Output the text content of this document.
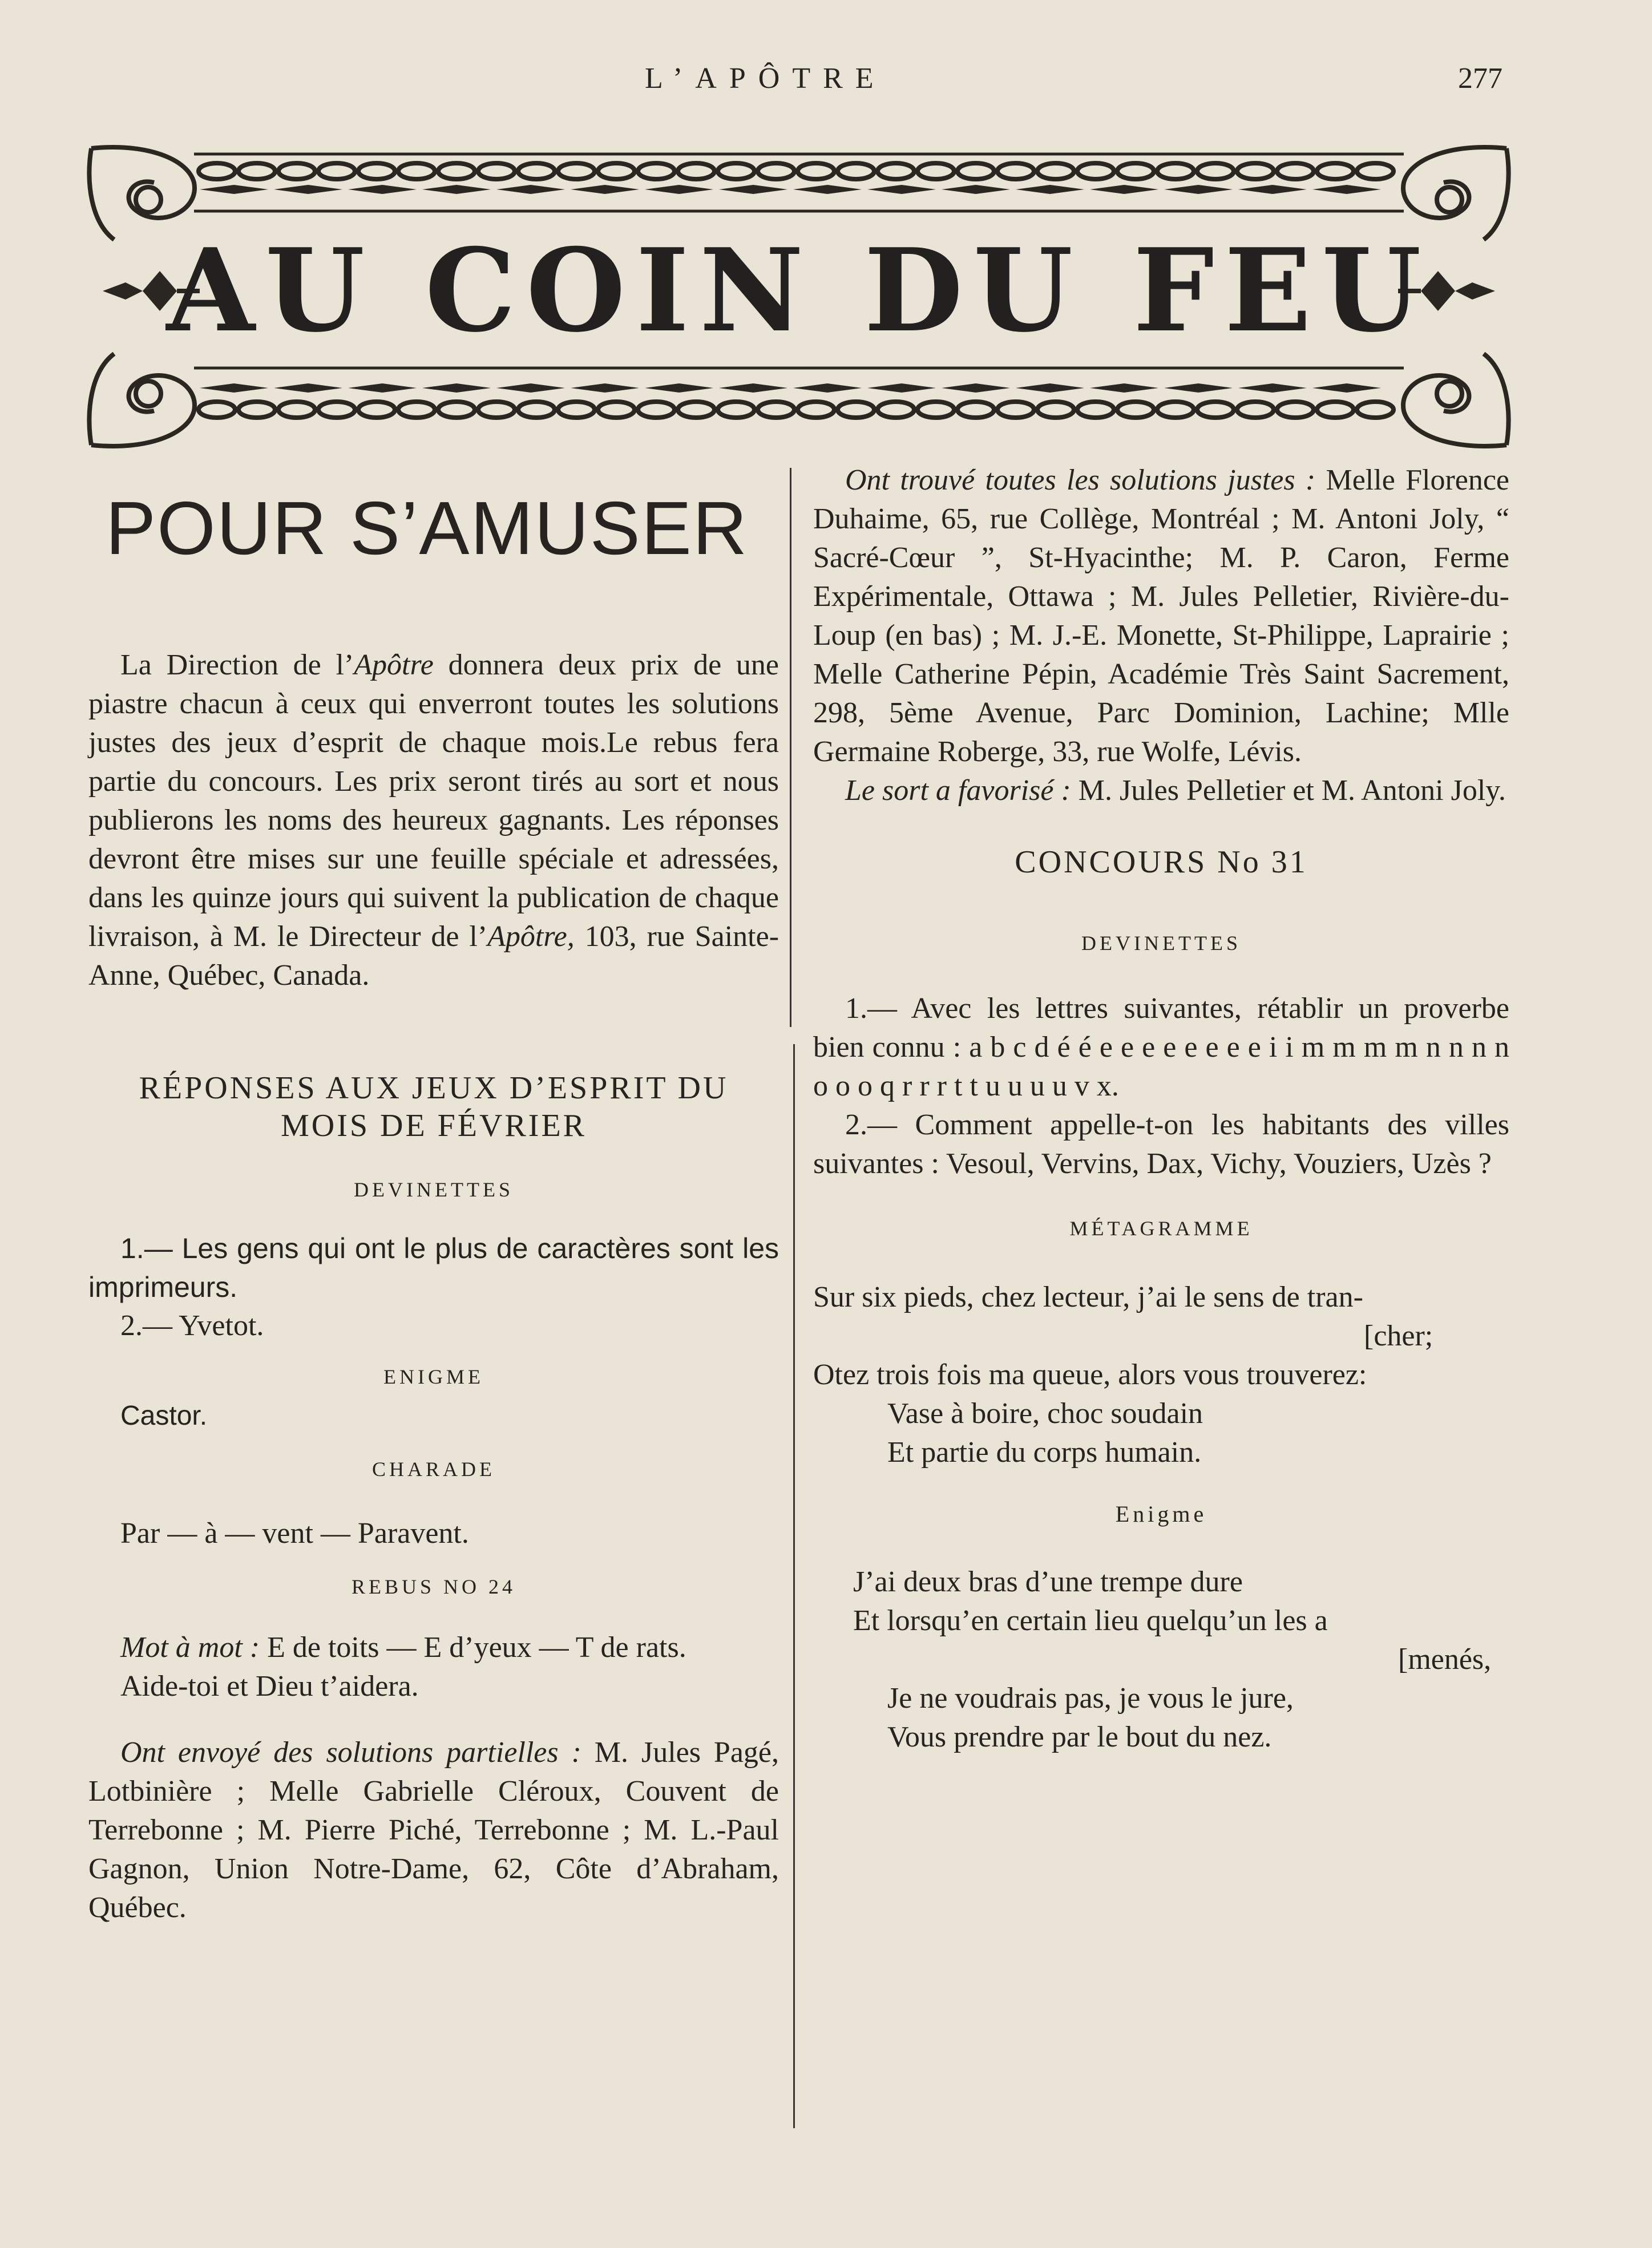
L’APÔTRE	277
AU COIN DU FEU
POUR S’AMUSER

La Direction de l’Apôtre donnera deux prix de une piastre chacun à ceux qui enverront toutes les solutions justes des jeux d’esprit de chaque mois.Le rebus fera partie du concours. Les prix seront tirés au sort et nous publierons les noms des heureux gagnants. Les réponses devront être mises sur une feuille spéciale et adressées, dans les quinze jours qui suivent la publication de chaque livraison, à M. le Directeur de l’Apôtre, 103, rue Sainte-Anne, Québec, Canada.

RÉPONSES AUX JEUX D’ESPRIT DU
MOIS DE FÉVRIER
DEVINETTES

1.— Les gens qui ont le plus de caractères sont les imprimeurs.

2.— Yvetot.

ENIGME

Castor.

CHARADE

Par — à — vent — Paravent.

REBUS NO 24

Mot à mot : E de toits — E d’yeux — T de rats.

Aide-toi et Dieu t’aidera.

Ont envoyé des solutions partielles : M. Jules Pagé, Lotbinière ; Melle Gabrielle Cléroux, Couvent de Terrebonne ; M. Pierre Piché, Terrebonne ; M. L.-Paul Gagnon, Union Notre-Dame, 62, Côte d’Abraham, Québec.

Ont trouvé toutes les solutions justes : Melle Florence Duhaime, 65, rue Collège, Montréal ; M. Antoni Joly, “ Sacré-Cœur ”, St-Hyacinthe; M. P. Caron, Ferme Expérimentale, Ottawa ; M. Jules Pelletier, Rivière-du-Loup (en bas) ; M. J.-E. Monette, St-Philippe, Laprairie ; Melle Catherine Pépin, Académie Très Saint Sacrement, 298, 5ème Avenue, Parc Dominion, Lachine; Mlle Germaine Roberge, 33, rue Wolfe, Lévis.

Le sort a favorisé : M. Jules Pelletier et M. Antoni Joly.

CONCOURS No 31
DEVINETTES

1.— Avec les lettres suivantes, rétablir un proverbe bien connu : a b c d é é e e e e e e e e i i m m m m n n n n o o o q r r r t t u u u u v x.

2.— Comment appelle-t-on les habitants des villes suivantes : Vesoul, Vervins, Dax, Vichy, Vouziers, Uzès ?

MÉTAGRAMME
Sur six pieds, chez lecteur, j’ai le sens de tran-
[cher;
Otez trois fois ma queue, alors vous trouverez:
Vase à boire, choc soudain
Et partie du corps humain.
Enigme
J’ai deux bras d’une trempe dure
Et lorsqu’en certain lieu quelqu’un les a
[menés,
Je ne voudrais pas, je vous le jure,
Vous prendre par le bout du nez.
